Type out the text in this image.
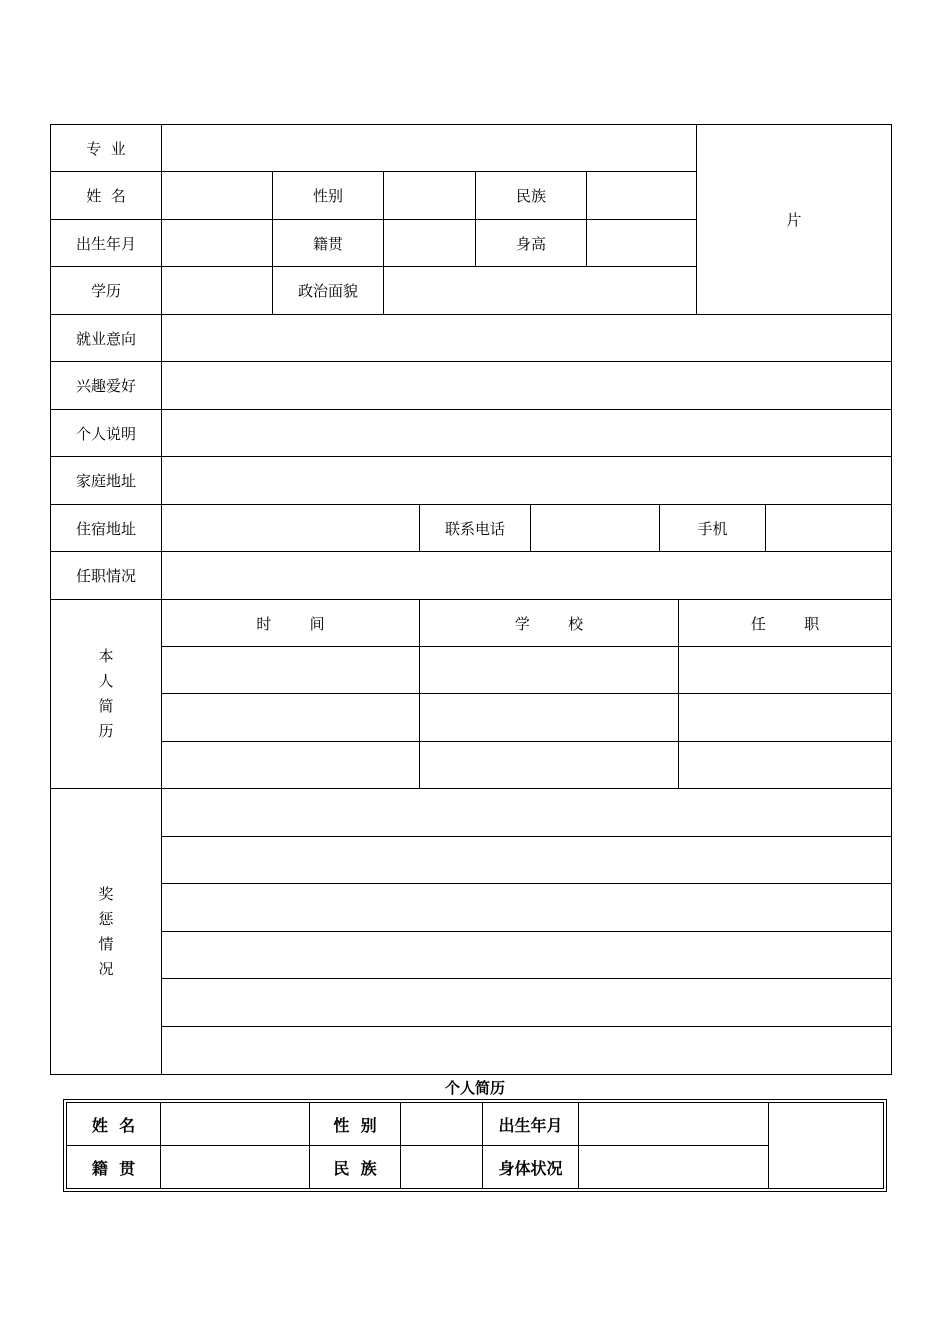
专  业
姓  名	性别	民族
片
出生年月	籍贯	身高
学历	政治面貌
就业意向
兴趣爱好
个人说明
家庭地址
住宿地址	联系电话	手机
任职情况
本
人
简
历
时        间	学        校	任        职
奖
惩
情
况
个人简历
姓  名	性  别	出生年月
籍  贯	民  族	身体状况
